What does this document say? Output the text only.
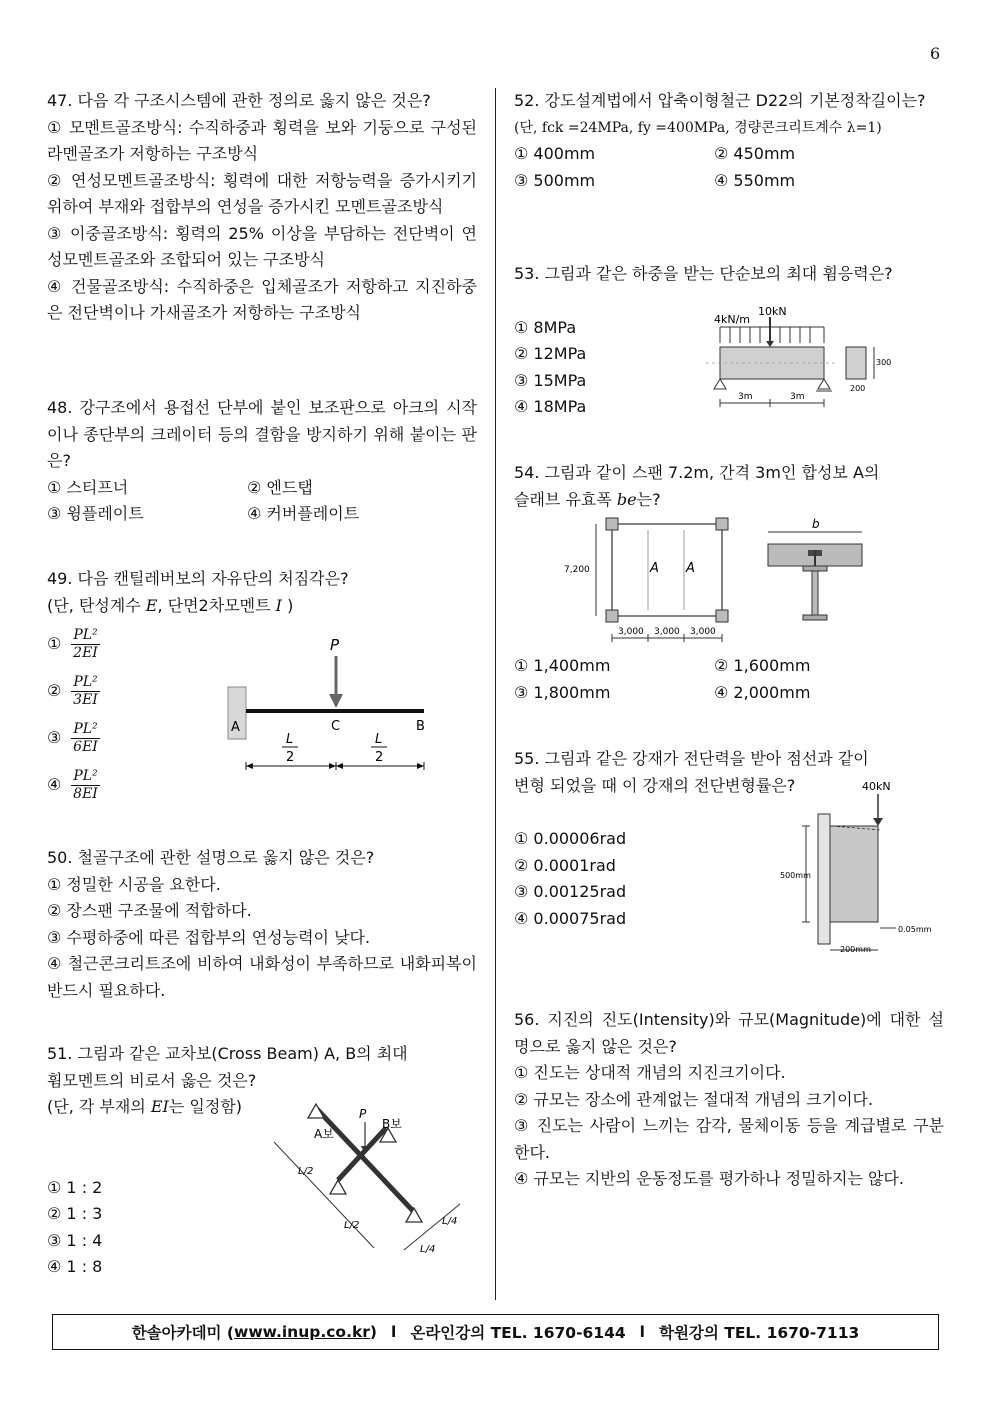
6

47. 다음 각 구조시스템에 관한 정의로 옳지 않은 것은?

① 모멘트골조방식: 수직하중과 횡력을 보와 기둥으로 구성된 라멘골조가 저항하는 구조방식

② 연성모멘트골조방식: 횡력에 대한 저항능력을 증가시키기 위하여 부재와 접합부의 연성을 증가시킨 모멘트골조방식

③ 이중골조방식: 횡력의 25% 이상을 부담하는 전단벽이 연성모멘트골조와 조합되어 있는 구조방식

④ 건물골조방식: 수직하중은 입체골조가 저항하고 지진하중은 전단벽이나 가새골조가 저항하는 구조방식

48. 강구조에서 용접선 단부에 붙인 보조판으로 아크의 시작이나 종단부의 크레이터 등의 결함을 방지하기 위해 붙이는 판은?

① 스티프너	② 엔드탭
③ 윙플레이트	④ 커버플레이트

49. 다음 캔틸레버보의 자유단의 처짐각은?

(단, 탄성계수 E, 단면2차모멘트 I )

① $\frac{\text{PL²}}{2EI}$
② $\frac{\text{PL²}}{3EI}$
③ $\frac{\text{PL²}}{6EI}$
④ $\frac{\text{PL²}}{8EI}$

50. 철골구조에 관한 설명으로 옳지 않은 것은?

① 정밀한 시공을 요한다.

② 장스팬 구조물에 적합하다.

③ 수평하중에 따른 접합부의 연성능력이 낮다.

④ 철근콘크리트조에 비하여 내화성이 부족하므로 내화피복이 반드시 필요하다.

51. 그림과 같은 교차보(Cross Beam) A, B의 최대

휨모멘트의 비로서 옳은 것은?

(단, 각 부재의 EI는 일정함)

① 1 : 2

② 1 : 3

③ 1 : 4

④ 1 : 8

P
A	C	B
L
2
L
2
P
A보
B보
L/2
L/2	L/4
L/4

52. 강도설계법에서 압축이형철근 D22의 기본정착길이는?

(단, fck =24MPa, fy =400MPa, 경량콘크리트계수 λ=1)

① 400mm	② 450mm
③ 500mm	④ 550mm

53. 그림과 같은 하중을 받는 단순보의 최대 휨응력은?

① 8MPa

② 12MPa

③ 15MPa

④ 18MPa

54. 그림과 같이 스팬 7.2m, 간격 3m인 합성보 A의

슬래브 유효폭 be는?

① 1,400mm	② 1,600mm
③ 1,800mm	④ 2,000mm

55. 그림과 같은 강재가 전단력을 받아 점선과 같이

변형 되었을 때 이 강재의 전단변형률은?

① 0.00006rad

② 0.0001rad

③ 0.00125rad

④ 0.00075rad

56. 지진의 진도(Intensity)와 규모(Magnitude)에 대한 설명으로 옳지 않은 것은?

① 진도는 상대적 개념의 지진크기이다.

② 규모는 장소에 관계없는 절대적 개념의 크기이다.

③ 진도는 사람이 느끼는 감각, 물체이동 등을 계급별로 구분한다.

④ 규모는 지반의 운동정도를 평가하나 정밀하지는 않다.

4kN/m
10kN
300
200
3m	3m
A A
7,200
3,000 3,000 3,000
b
40kN
500mm
200mm
0.05mm
한솔아카데미 ( www.inup.co.kr ) l 온라인강의 TEL. 1670-6144 l 학원강의 TEL. 1670-7113
